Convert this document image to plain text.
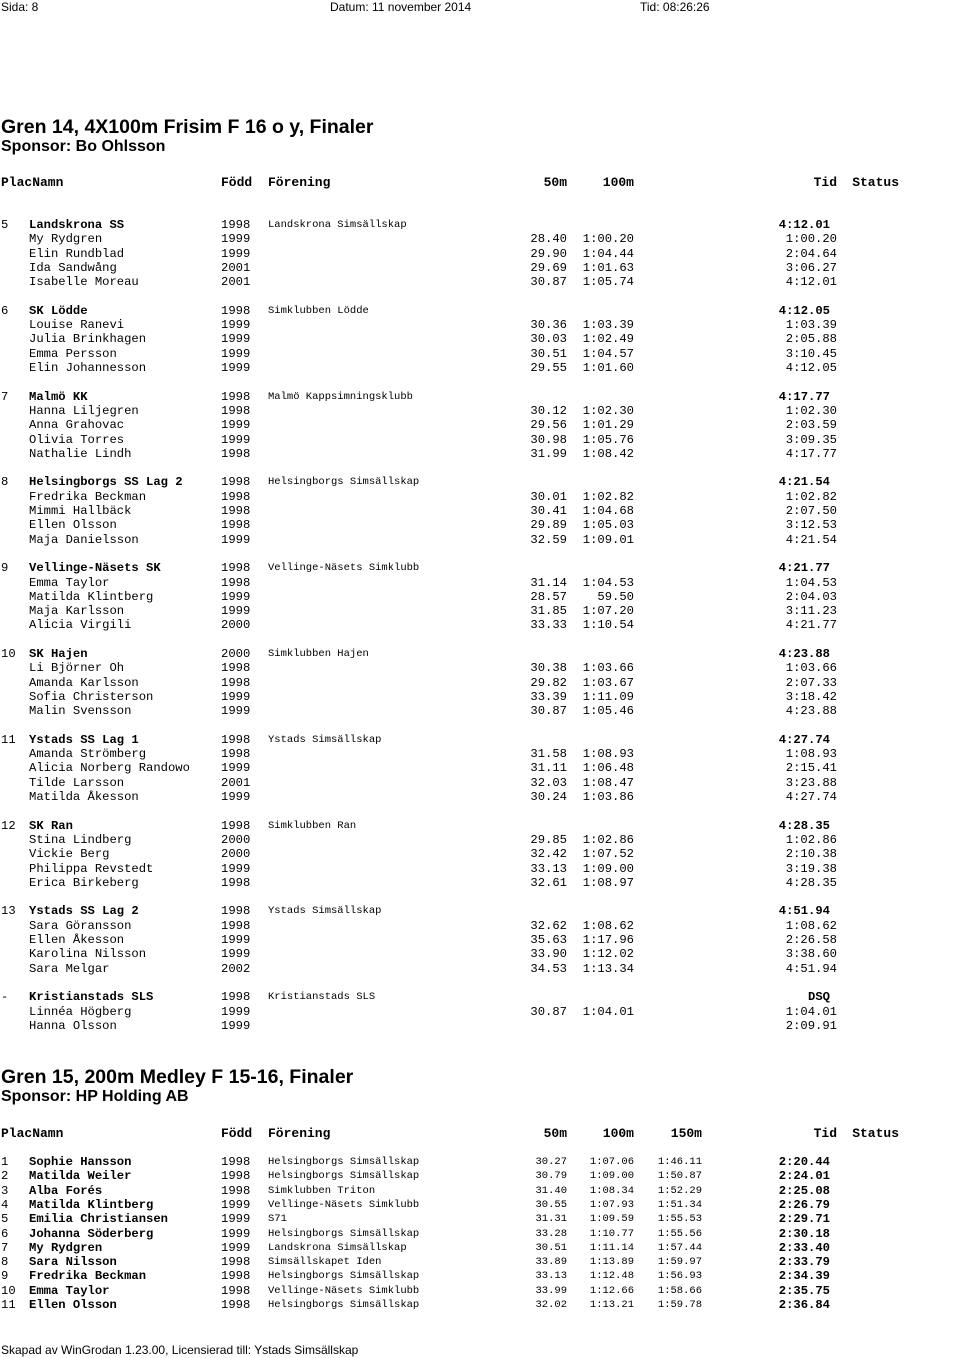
Sida: 8	Datum: 11 november 2014	Tid: 08:26:26
Gren 14, 4X100m Frisim F 16 o y, Finaler
Sponsor: Bo Ohlsson
PlacNamn	Född Förening	50m	100m	Tid Status
5 Landskrona SS	1998 Landskrona Simsällskap	4:12.01
My Rydgren	1999	28.40 1:00.20	1:00.20
Elin Rundblad	1999	29.90 1:04.44	2:04.64
Ida Sandwång	2001	29.69 1:01.63	3:06.27
Isabelle Moreau	2001	30.87 1:05.74	4:12.01
6 SK Lödde	1998 Simklubben Lödde	4:12.05
Louise Ranevi	1999	30.36 1:03.39	1:03.39
Julia Brinkhagen	1999	30.03 1:02.49	2:05.88
Emma Persson	1999	30.51 1:04.57	3:10.45
Elin Johannesson	1999	29.55 1:01.60	4:12.05
7 Malmö KK	1998 Malmö Kappsimningsklubb	4:17.77
Hanna Liljegren	1998	30.12 1:02.30	1:02.30
Anna Grahovac	1999	29.56 1:01.29	2:03.59
Olivia Torres	1999	30.98 1:05.76	3:09.35
Nathalie Lindh	1998	31.99 1:08.42	4:17.77
8 Helsingborgs SS Lag 2	1998 Helsingborgs Simsällskap	4:21.54
Fredrika Beckman	1998	30.01 1:02.82	1:02.82
Mimmi Hallbäck	1998	30.41 1:04.68	2:07.50
Ellen Olsson	1998	29.89 1:05.03	3:12.53
Maja Danielsson	1999	32.59 1:09.01	4:21.54
9 Vellinge-Näsets SK	1998 Vellinge-Näsets Simklubb	4:21.77
Emma Taylor	1998	31.14 1:04.53	1:04.53
Matilda Klintberg	1999	28.57 59.50	2:04.03
Maja Karlsson	1999	31.85 1:07.20	3:11.23
Alicia Virgili	2000	33.33 1:10.54	4:21.77
10 SK Hajen	2000 Simklubben Hajen	4:23.88
Li Björner Oh	1998	30.38 1:03.66	1:03.66
Amanda Karlsson	1998	29.82 1:03.67	2:07.33
Sofia Christerson	1999	33.39 1:11.09	3:18.42
Malin Svensson	1999	30.87 1:05.46	4:23.88
11 Ystads SS Lag 1	1998 Ystads Simsällskap	4:27.74
Amanda Strömberg	1998	31.58 1:08.93	1:08.93
Alicia Norberg Randowo	1999	31.11 1:06.48	2:15.41
Tilde Larsson	2001	32.03 1:08.47	3:23.88
Matilda Åkesson	1999	30.24 1:03.86	4:27.74
12 SK Ran	1998 Simklubben Ran	4:28.35
Stina Lindberg	2000	29.85 1:02.86	1:02.86
Vickie Berg	2000	32.42 1:07.52	2:10.38
Philippa Revstedt	1999	33.13 1:09.00	3:19.38
Erica Birkeberg	1998	32.61 1:08.97	4:28.35
13 Ystads SS Lag 2	1998 Ystads Simsällskap	4:51.94
Sara Göransson	1998	32.62 1:08.62	1:08.62
Ellen Åkesson	1999	35.63 1:17.96	2:26.58
Karolina Nilsson	1999	33.90 1:12.02	3:38.60
Sara Melgar	2002	34.53 1:13.34	4:51.94
- Kristianstads SLS	1998 Kristianstads SLS	DSQ
Linnéa Högberg	1999	30.87 1:04.01	1:04.01
Hanna Olsson	1999	2:09.91
Gren 15, 200m Medley F 15-16, Finaler
Sponsor: HP Holding AB
PlacNamn	Född Förening	50m	100m	150m	Tid Status
1 Sophie Hansson	1998 Helsingborgs Simsällskap	30.27 1:07.06 1:46.11	2:20.44
2 Matilda Weiler	1998 Helsingborgs Simsällskap	30.79 1:09.00 1:50.87	2:24.01
3 Alba Forés	1998 Simklubben Triton	31.40 1:08.34 1:52.29	2:25.08
4 Matilda Klintberg	1999 Vellinge-Näsets Simklubb	30.55 1:07.93 1:51.34	2:26.79
5 Emilia Christiansen	1999 S71	31.31 1:09.59 1:55.53	2:29.71
6 Johanna Söderberg	1999 Helsingborgs Simsällskap	33.28 1:10.77 1:55.56	2:30.18
7 My Rydgren	1999 Landskrona Simsällskap	30.51 1:11.14 1:57.44	2:33.40
8 Sara Nilsson	1998 Simsällskapet Iden	33.89 1:13.89 1:59.97	2:33.79
9 Fredrika Beckman	1998 Helsingborgs Simsällskap	33.13 1:12.48 1:56.93	2:34.39
10 Emma Taylor	1998 Vellinge-Näsets Simklubb	33.99 1:12.66 1:58.66	2:35.75
11 Ellen Olsson	1998 Helsingborgs Simsällskap	32.02 1:13.21 1:59.78	2:36.84
Skapad av WinGrodan 1.23.00, Licensierad till: Ystads Simsällskap
